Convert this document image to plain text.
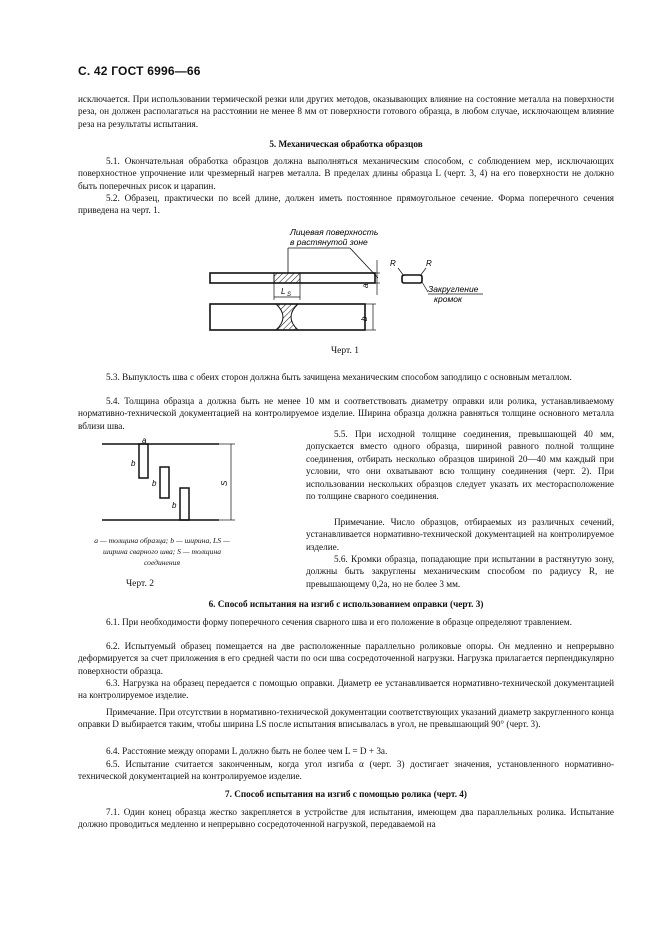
С. 42 ГОСТ 6996—66

исключается. При использовании термической резки или других методов, оказывающих влияние на состояние металла на поверхности реза, он должен располагаться на расстоянии не менее 8 мм от поверхности готового образца, в любом случае, исключающем влияние реза на результаты испытания.

5. Механическая обработка образцов

5.1. Окончательная обработка образцов должна выполняться механическим способом, с соблюдением мер, исключающих поверхностное упрочнение или чрезмерный нагрев металла. В пределах длины образца L (черт. 3, 4) на его поверхности не должно быть поперечных рисок и царапин.

5.2. Образец, практически по всей длине, должен иметь постоянное прямоугольное сечение. Форма поперечного сечения приведена на черт. 1.

Лицевая поверхность
в растянутой зоне
a
R	R
Закругление
кромок
L S
b
Черт. 1

5.3. Выпуклость шва с обеих сторон должна быть зачищена механическим способом заподлицо с основным металлом.

5.4. Толщина образца a должна быть не менее 10 мм и соответствовать диаметру оправки или ролика, устанавливаемому нормативно-технической документацией на контролируемое изделие. Ширина образца должна равняться толщине основного металла вблизи шва.

a
b
b
b
S

a — толщина образца; b — ширина, LS — ширина сварного шва; S — толщина соединения

Черт. 2

5.5. При исходной толщине соединения, превышающей 40 мм, допускается вместо одного образца, шириной равного полной толщине соединения, отбирать несколько образцов шириной 20—40 мм каждый при условии, что они охватывают всю толщину соединения (черт. 2). При использовании нескольких образцов следует указать их месторасположение по толщине сварного соединения.

Примечание. Число образцов, отбираемых из различных сечений, устанавливается нормативно-технической документацией на контролируемое изделие.

5.6. Кромки образца, попадающие при испытании в растянутую зону, должны быть закруглены механическим способом по радиусу R, не превышающему 0,2a, но не более 3 мм.

6. Способ испытания на изгиб с использованием оправки (черт. 3)

6.1. При необходимости форму поперечного сечения сварного шва и его положение в образце определяют травлением.

6.2. Испытуемый образец помещается на две расположенные параллельно роликовые опоры. Он медленно и непрерывно деформируется за счет приложения в его средней части по оси шва сосредоточенной нагрузки. Нагрузка прилагается перпендикулярно поверхности образца.

6.3. Нагрузка на образец передается с помощью оправки. Диаметр ее устанавливается нормативно-технической документацией на контролируемое изделие.

Примечание. При отсутствии в нормативно-технической документации соответствующих указаний диаметр закругленного конца оправки D выбирается таким, чтобы ширина LS после испытания вписывалась в угол, не превышающий 90° (черт. 3).

6.4. Расстояние между опорами L должно быть не более чем L = D + 3a.

6.5. Испытание считается законченным, когда угол изгиба α (черт. 3) достигает значения, установленного нормативно-технической документацией на контролируемое изделие.

7. Способ испытания на изгиб с помощью ролика (черт. 4)

7.1. Один конец образца жестко закрепляется в устройстве для испытания, имеющем два параллельных ролика. Испытание должно проводиться медленно и непрерывно сосредоточенной нагрузкой, передаваемой на
